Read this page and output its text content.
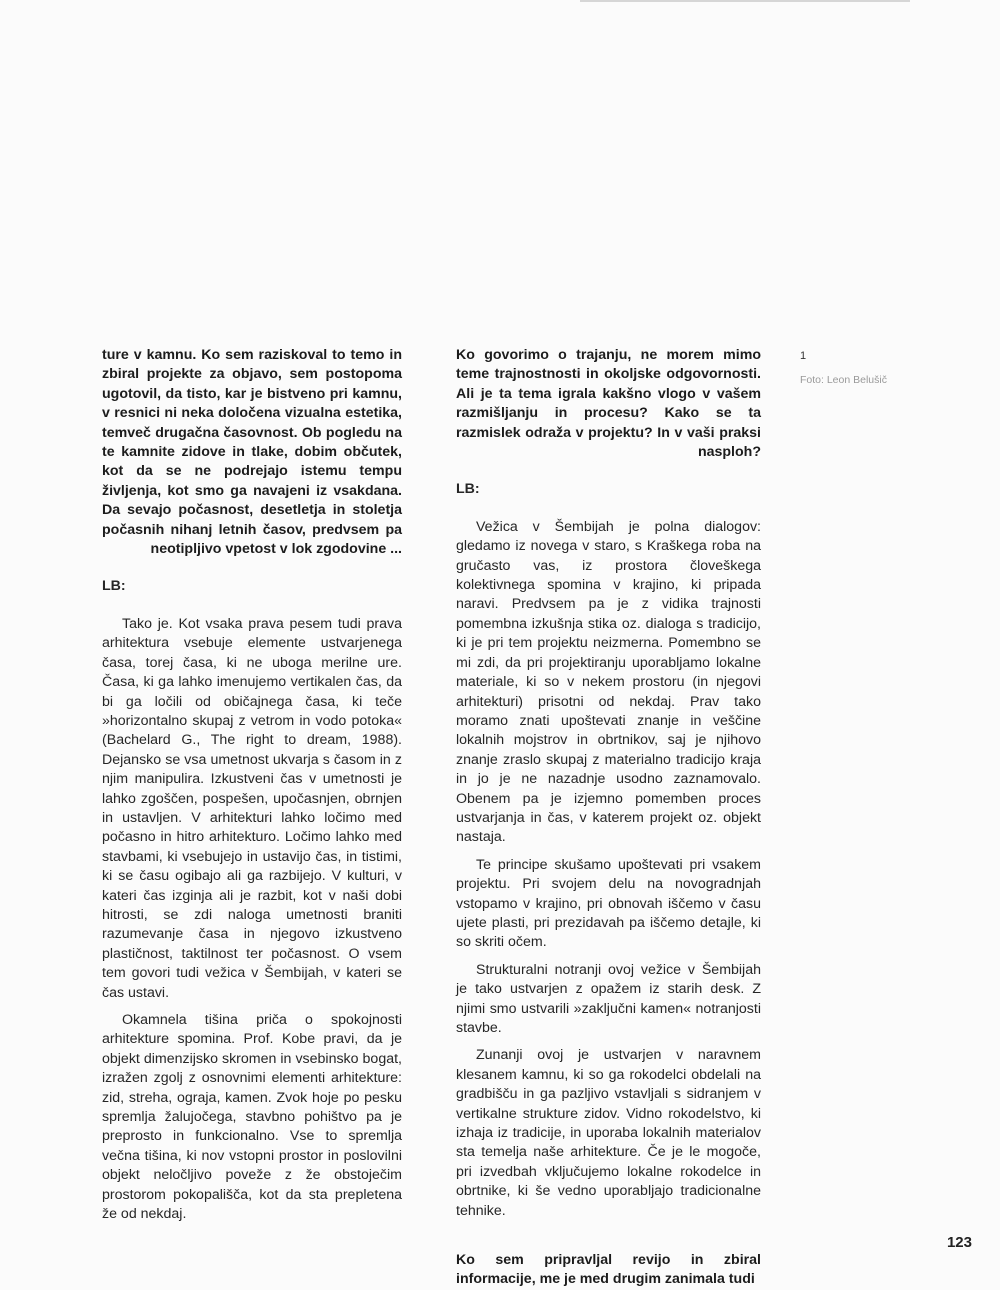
ture v kamnu. Ko sem raziskoval to temo in zbiral projekte za objavo, sem postopoma ugotovil, da tisto, kar je bistveno pri kamnu, v resnici ni neka določena vizualna estetika, temveč drugačna časovnost. Ob pogledu na te kamnite zidove in tlake, dobim občutek, kot da se ne podrejajo istemu tempu življenja, kot smo ga navajeni iz vsakdana. Da sevajo počasnost, desetletja in stoletja počasnih nihanj letnih časov, predvsem pa neotipljivo vpetost v lok zgodovine ...

LB:

Tako je. Kot vsaka prava pesem tudi prava arhitektura vsebuje elemente ustvarjenega časa, torej časa, ki ne uboga merilne ure. Časa, ki ga lahko imenujemo vertikalen čas, da bi ga ločili od običajnega časa, ki teče »horizontalno skupaj z vetrom in vodo potoka« (Bachelard G., The right to dream, 1988). Dejansko se vsa umetnost ukvarja s časom in z njim manipulira. Izkustveni čas v umetnosti je lahko zgoščen, pospešen, upočasnjen, obrnjen in ustavljen. V arhitekturi lahko ločimo med počasno in hitro arhitekturo. Ločimo lahko med stavbami, ki vsebujejo in ustavijo čas, in tistimi, ki se času ogibajo ali ga razbijejo. V kulturi, v kateri čas izginja ali je razbit, kot v naši dobi hitrosti, se zdi naloga umetnosti braniti razumevanje časa in njegovo izkustveno plastičnost, taktilnost ter počasnost. O vsem tem govori tudi vežica v Šembijah, v kateri se čas ustavi.

Okamnela tišina priča o spokojnosti arhitekture spomina. Prof. Kobe pravi, da je objekt dimenzijsko skromen in vsebinsko bogat, izražen zgolj z osnovnimi elementi arhitekture: zid, streha, ograja, kamen. Zvok hoje po pesku spremlja žalujočega, stavbno pohištvo pa je preprosto in funkcionalno. Vse to spremlja večna tišina, ki nov vstopni prostor in poslovilni objekt neločljivo poveže z že obstoječim prostorom pokopališča, kot da sta prepletena že od nekdaj.

Ko govorimo o trajanju, ne morem mimo teme trajnostnosti in okoljske odgovornosti. Ali je ta tema igrala kakšno vlogo v vašem razmišljanju in procesu? Kako se ta razmislek odraža v projektu? In v vaši praksi nasploh?

LB:

Vežica v Šembijah je polna dialogov: gledamo iz novega v staro, s Kraškega roba na gručasto vas, iz prostora človeškega kolektivnega spomina v krajino, ki pripada naravi. Predvsem pa je z vidika trajnosti pomembna izkušnja stika oz. dialoga s tradicijo, ki je pri tem projektu neizmerna. Pomembno se mi zdi, da pri projektiranju uporabljamo lokalne materiale, ki so v nekem prostoru (in njegovi arhitekturi) prisotni od nekdaj. Prav tako moramo znati upoštevati znanje in veščine lokalnih mojstrov in obrtnikov, saj je njihovo znanje zraslo skupaj z materialno tradicijo kraja in jo je ne nazadnje usodno zaznamovalo. Obenem pa je izjemno pomemben proces ustvarjanja in čas, v katerem projekt oz. objekt nastaja.

Te principe skušamo upoštevati pri vsakem projektu. Pri svojem delu na novogradnjah vstopamo v krajino, pri obnovah iščemo v času ujete plasti, pri prezidavah pa iščemo detajle, ki so skriti očem.

Strukturalni notranji ovoj vežice v Šembijah je tako ustvarjen z opažem iz starih desk. Z njimi smo ustvarili »zaključni kamen« notranjosti stavbe.

Zunanji ovoj je ustvarjen v naravnem klesanem kamnu, ki so ga rokodelci obdelali na gradbišču in ga pazljivo vstavljali s sidranjem v vertikalne strukture zidov. Vidno rokodelstvo, ki izhaja iz tradicije, in uporaba lokalnih materialov sta temelja naše arhitekture. Če je le mogoče, pri izvedbah vključujemo lokalne rokodelce in obrtnike, ki še vedno uporabljajo tradicionalne tehnike.

Ko sem pripravljal revijo in zbiral informacije, me je med drugim zanimala tudi

1
Foto: Leon Belušič
123
